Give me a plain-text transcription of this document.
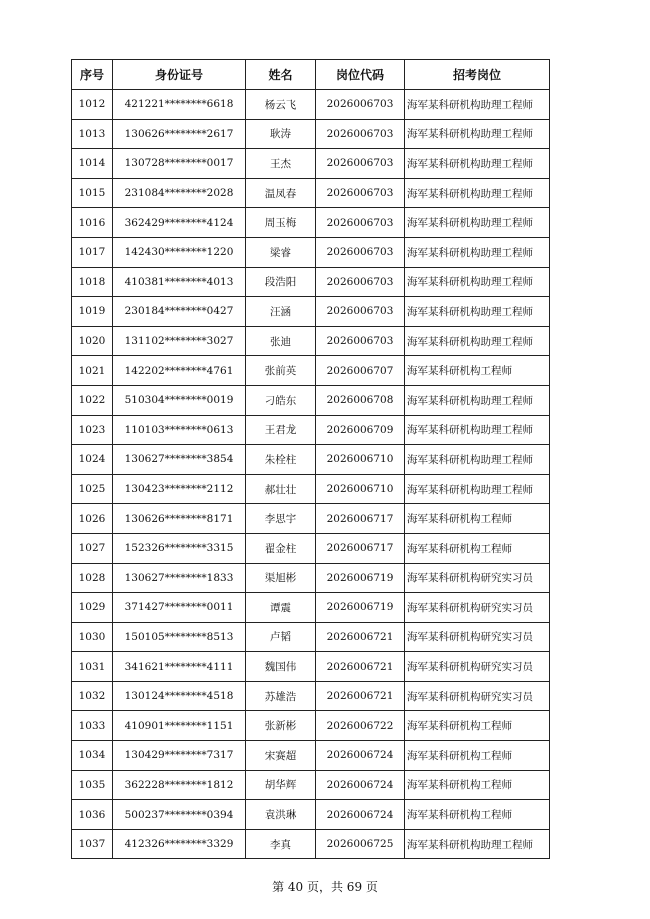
序号	身份证号	姓名	岗位代码	招考岗位
1012	421221********6618	杨云飞	2026006703	海军某科研机构助理工程师
1013	130626********2617	耿涛	2026006703	海军某科研机构助理工程师
1014	130728********0017	王杰	2026006703	海军某科研机构助理工程师
1015	231084********2028	温凤春	2026006703	海军某科研机构助理工程师
1016	362429********4124	周玉梅	2026006703	海军某科研机构助理工程师
1017	142430********1220	梁睿	2026006703	海军某科研机构助理工程师
1018	410381********4013	段浩阳	2026006703	海军某科研机构助理工程师
1019	230184********0427	汪涵	2026006703	海军某科研机构助理工程师
1020	131102********3027	张迪	2026006703	海军某科研机构助理工程师
1021	142202********4761	张前英	2026006707	海军某科研机构工程师
1022	510304********0019	刁皓东	2026006708	海军某科研机构助理工程师
1023	110103********0613	王君龙	2026006709	海军某科研机构助理工程师
1024	130627********3854	朱栓柱	2026006710	海军某科研机构助理工程师
1025	130423********2112	郝壮壮	2026006710	海军某科研机构助理工程师
1026	130626********8171	李思宇	2026006717	海军某科研机构工程师
1027	152326********3315	翟金柱	2026006717	海军某科研机构工程师
1028	130627********1833	渠旭彬	2026006719	海军某科研机构研究实习员
1029	371427********0011	谭震	2026006719	海军某科研机构研究实习员
1030	150105********8513	卢韬	2026006721	海军某科研机构研究实习员
1031	341621********4111	魏国伟	2026006721	海军某科研机构研究实习员
1032	130124********4518	苏雄浩	2026006721	海军某科研机构研究实习员
1033	410901********1151	张新彬	2026006722	海军某科研机构工程师
1034	130429********7317	宋赛超	2026006724	海军某科研机构工程师
1035	362228********1812	胡华辉	2026006724	海军某科研机构工程师
1036	500237********0394	袁洪琳	2026006724	海军某科研机构工程师
1037	412326********3329	李真	2026006725	海军某科研机构助理工程师
第 40 页，共 69 页
